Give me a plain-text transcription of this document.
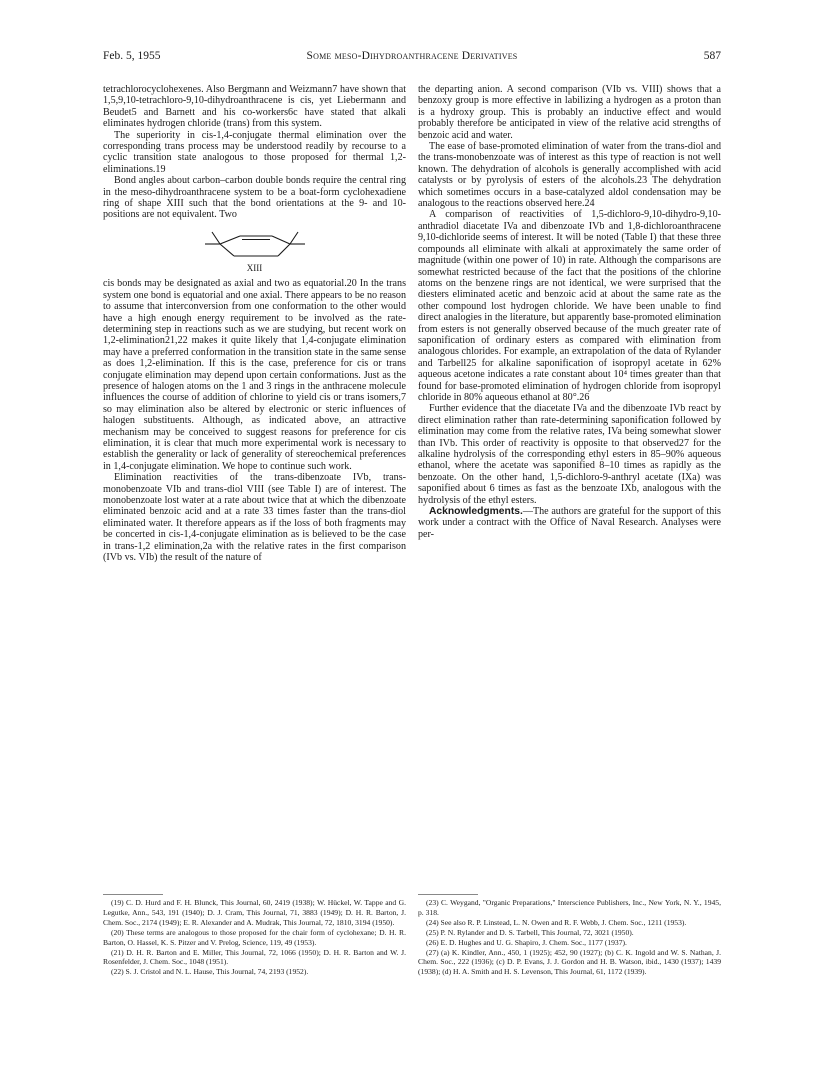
Feb. 5, 1955	Some meso-Dihydroanthracene Derivatives	587

tetrachlorocyclohexenes. Also Bergmann and Weizmann7 have shown that 1,5,9,10-tetrachloro-9,10-dihydroanthracene is cis, yet Liebermann and Beudet5 and Barnett and his co-workers6c have stated that alkali eliminates hydrogen chloride (trans) from this system.

The superiority in cis-1,4-conjugate thermal elimination over the corresponding trans process may be understood readily by recourse to a cyclic transition state analogous to those proposed for thermal 1,2-eliminations.19

Bond angles about carbon–carbon double bonds require the central ring in the meso-dihydroanthracene system to be a boat-form cyclohexadiene ring of shape XIII such that the bond orientations at the 9- and 10-positions are not equivalent. Two

XIII

cis bonds may be designated as axial and two as equatorial.20 In the trans system one bond is equatorial and one axial. There appears to be no reason to assume that interconversion from one conformation to the other would have a high enough energy requirement to be involved as the rate-determining step in reactions such as we are studying, but recent work on 1,2-elimination21,22 makes it quite likely that 1,4-conjugate elimination may have a preferred conformation in the transition state in the same sense as does 1,2-elimination. If this is the case, preference for cis or trans conjugate elimination may depend upon certain conformations. Just as the presence of halogen atoms on the 1 and 3 rings in the anthracene molecule influences the course of addition of chlorine to yield cis or trans isomers,7 so may elimination also be altered by electronic or steric influences of halogen substituents. Although, as indicated above, an attractive mechanism may be conceived to suggest reasons for preference for cis elimination, it is clear that much more experimental work is necessary to establish the generality or lack of generality of stereochemical preferences in 1,4-conjugate elimination. We hope to continue such work.

Elimination reactivities of the trans-dibenzoate IVb, trans-monobenzoate VIb and trans-diol VIII (see Table I) are of interest. The monobenzoate lost water at a rate about twice that at which the dibenzoate eliminated benzoic acid and at a rate 33 times faster than the trans-diol eliminated water. It therefore appears as if the loss of both fragments may be concerted in cis-1,4-conjugate elimination as is believed to be the case in trans-1,2 elimination,2a with the relative rates in the first comparison (IVb vs. VIb) the result of the nature of

the departing anion. A second comparison (VIb vs. VIII) shows that a benzoxy group is more effective in labilizing a hydrogen as a proton than is a hydroxy group. This is probably an inductive effect and would probably therefore be anticipated in view of the relative acid strengths of benzoic acid and water.

The ease of base-promoted elimination of water from the trans-diol and the trans-monobenzoate was of interest as this type of reaction is not well known. The dehydration of alcohols is generally accomplished with acid catalysts or by pyrolysis of esters of the alcohols.23 The dehydration which sometimes occurs in a base-catalyzed aldol condensation may be analogous to the reactions observed here.24

A comparison of reactivities of 1,5-dichloro-9,10-dihydro-9,10-anthradiol diacetate IVa and dibenzoate IVb and 1,8-dichloroanthracene 9,10-dichloride seems of interest. It will be noted (Table I) that these three compounds all eliminate with alkali at approximately the same order of magnitude (within one power of 10) in rate. Although the comparisons are somewhat restricted because of the fact that the positions of the chlorine atoms on the benzene rings are not identical, we were surprised that the diesters eliminated acetic and benzoic acid at about the same rate as the other compound lost hydrogen chloride. We have been unable to find direct analogies in the literature, but apparently base-promoted elimination from esters is not generally observed because of the much greater rate of saponification of ordinary esters as compared with elimination from analogous chlorides. For example, an extrapolation of the data of Rylander and Tarbell25 for alkaline saponification of isopropyl acetate in 62% aqueous acetone indicates a rate constant about 10⁴ times greater than that found for base-promoted elimination of hydrogen chloride from isopropyl chloride in 80% aqueous ethanol at 80°.26

Further evidence that the diacetate IVa and the dibenzoate IVb react by direct elimination rather than rate-determining saponification followed by elimination may come from the relative rates, IVa being somewhat slower than IVb. This order of reactivity is opposite to that observed27 for the alkaline hydrolysis of the corresponding ethyl esters in 85–90% aqueous ethanol, where the acetate was saponified 8–10 times as rapidly as the benzoate. On the other hand, 1,5-dichloro-9-anthryl acetate (IXa) was saponified about 6 times as fast as the benzoate IXb, analogous with the hydrolysis of the ethyl esters.

Acknowledgments.—The authors are grateful for the support of this work under a contract with the Office of Naval Research. Analyses were per-

(19) C. D. Hurd and F. H. Blunck, This Journal, 60, 2419 (1938); W. Hückel, W. Tappe and G. Legutke, Ann., 543, 191 (1940); D. J. Cram, This Journal, 71, 3883 (1949); D. H. R. Barton, J. Chem. Soc., 2174 (1949); E. R. Alexander and A. Mudrak, This Journal, 72, 1810, 3194 (1950).

(20) These terms are analogous to those proposed for the chair form of cyclohexane; D. H. R. Barton, O. Hassel, K. S. Pitzer and V. Prelog, Science, 119, 49 (1953).

(21) D. H. R. Barton and E. Miller, This Journal, 72, 1066 (1950); D. H. R. Barton and W. J. Rosenfelder, J. Chem. Soc., 1048 (1951).

(22) S. J. Cristol and N. L. Hause, This Journal, 74, 2193 (1952).

(23) C. Weygand, "Organic Preparations," Interscience Publishers, Inc., New York, N. Y., 1945, p. 318.

(24) See also R. P. Linstead, L. N. Owen and R. F. Webb, J. Chem. Soc., 1211 (1953).

(25) P. N. Rylander and D. S. Tarbell, This Journal, 72, 3021 (1950).

(26) E. D. Hughes and U. G. Shapiro, J. Chem. Soc., 1177 (1937).

(27) (a) K. Kindler, Ann., 450, 1 (1925); 452, 90 (1927); (b) C. K. Ingold and W. S. Nathan, J. Chem. Soc., 222 (1936); (c) D. P. Evans, J. J. Gordon and H. B. Watson, ibid., 1430 (1937); 1439 (1938); (d) H. A. Smith and H. S. Levenson, This Journal, 61, 1172 (1939).
